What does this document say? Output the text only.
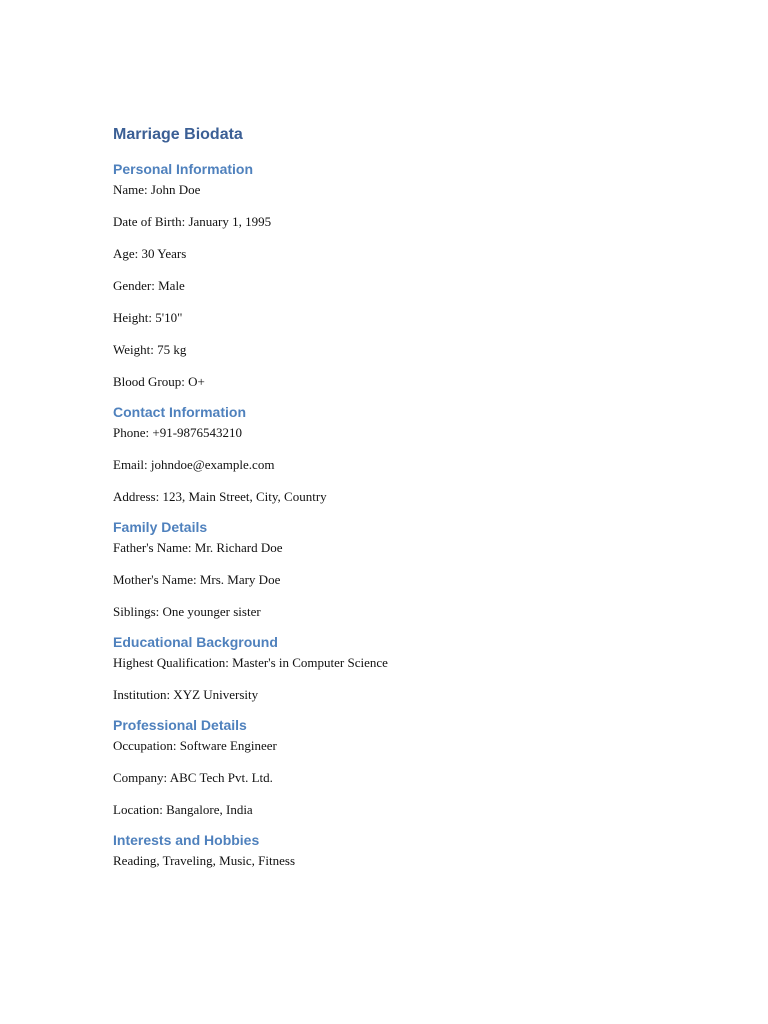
Marriage Biodata
Personal Information
Name: John Doe
Date of Birth: January 1, 1995
Age: 30 Years
Gender: Male
Height: 5'10"
Weight: 75 kg
Blood Group: O+
Contact Information
Phone: +91-9876543210
Email: johndoe@example.com
Address: 123, Main Street, City, Country
Family Details
Father's Name: Mr. Richard Doe
Mother's Name: Mrs. Mary Doe
Siblings: One younger sister
Educational Background
Highest Qualification: Master's in Computer Science
Institution: XYZ University
Professional Details
Occupation: Software Engineer
Company: ABC Tech Pvt. Ltd.
Location: Bangalore, India
Interests and Hobbies
Reading, Traveling, Music, Fitness
